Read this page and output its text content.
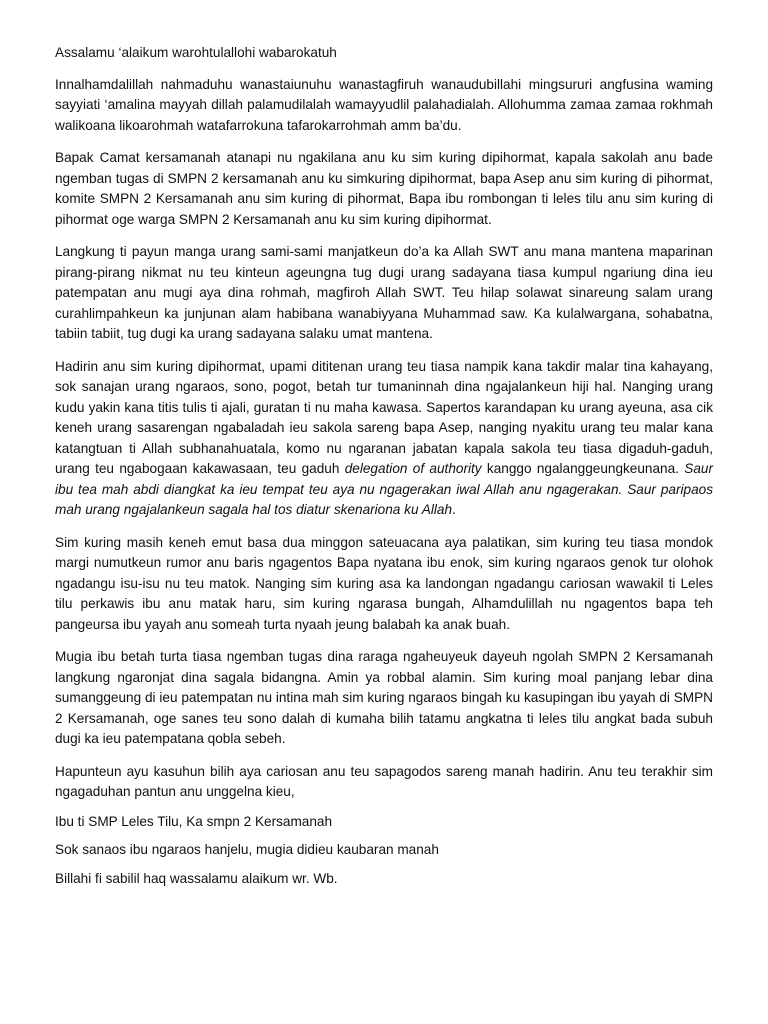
Assalamu ‘alaikum warohtulallohi wabarokatuh

Innalhamdalillah nahmaduhu wanastaiunuhu wanastagfiruh wanaudubillahi mingsururi angfusina waming sayyiati ‘amalina mayyah dillah palamudilalah wamayyudlil palahadialah. Allohumma zamaa zamaa rokhmah walikoana likoarohmah watafarrokuna tafarokarrohmah amm ba’du.

Bapak Camat kersamanah atanapi nu ngakilana anu ku sim kuring dipihormat, kapala sakolah anu bade ngemban tugas di SMPN 2 kersamanah anu ku simkuring dipihormat, bapa Asep anu sim kuring di pihormat, komite SMPN 2 Kersamanah anu sim kuring di pihormat, Bapa ibu rombongan ti leles tilu anu sim kuring di pihormat oge warga SMPN 2 Kersamanah anu ku sim kuring dipihormat.

Langkung ti payun manga urang sami-sami manjatkeun do’a ka Allah SWT anu mana mantena maparinan pirang-pirang nikmat nu teu kinteun ageungna tug dugi urang sadayana tiasa kumpul ngariung dina ieu patempatan anu mugi aya dina rohmah, magfiroh Allah SWT. Teu hilap solawat sinareung salam urang curahlimpahkeun ka junjunan alam habibana wanabiyyana Muhammad saw. Ka kulalwargana, sohabatna, tabiin tabiit, tug dugi ka urang sadayana salaku umat mantena.

Hadirin anu sim kuring dipihormat, upami dititenan urang teu tiasa nampik kana takdir malar tina kahayang, sok sanajan urang ngaraos, sono, pogot, betah tur tumaninnah dina ngajalankeun hiji hal. Nanging urang kudu yakin kana titis tulis ti ajali, guratan ti nu maha kawasa. Sapertos karandapan ku urang ayeuna, asa cik keneh urang sasarengan ngabaladah ieu sakola sareng bapa Asep, nanging nyakitu urang teu malar kana katangtuan ti Allah subhanahuatala, komo nu ngaranan jabatan kapala sakola teu tiasa digaduh-gaduh, urang teu ngabogaan kakawasaan, teu gaduh delegation of authority kanggo ngalanggeungkeunana. Saur ibu tea mah abdi diangkat ka ieu tempat teu aya nu ngagerakan iwal Allah anu ngagerakan. Saur paripaos mah urang ngajalankeun sagala hal tos diatur skenariona ku Allah.

Sim kuring masih keneh emut basa dua minggon sateuacana aya palatikan, sim kuring teu tiasa mondok margi numutkeun rumor anu baris ngagentos Bapa nyatana ibu enok, sim kuring ngaraos genok tur olohok ngadangu isu-isu nu teu matok. Nanging sim kuring asa ka landongan ngadangu cariosan wawakil ti Leles tilu perkawis ibu anu matak haru, sim kuring ngarasa bungah, Alhamdulillah nu ngagentos bapa teh pangeursa ibu yayah anu someah turta nyaah jeung balabah ka anak buah.

Mugia ibu betah turta tiasa ngemban tugas dina raraga ngaheuyeuk dayeuh ngolah SMPN 2 Kersamanah langkung ngaronjat dina sagala bidangna. Amin ya robbal alamin. Sim kuring moal panjang lebar dina sumanggeung di ieu patempatan nu intina mah sim kuring ngaraos bingah ku kasupingan ibu yayah di SMPN 2 Kersamanah, oge sanes teu sono dalah di kumaha bilih tatamu angkatna ti leles tilu angkat bada subuh dugi ka ieu patempatana qobla sebeh.

Hapunteun ayu kasuhun bilih aya cariosan anu teu sapagodos sareng manah hadirin. Anu teu terakhir sim ngagaduhan pantun anu unggelna kieu,

Ibu ti SMP Leles Tilu, Ka smpn 2 Kersamanah

Sok sanaos ibu ngaraos hanjelu, mugia didieu kaubaran manah

Billahi fi sabilil haq wassalamu alaikum wr. Wb.
